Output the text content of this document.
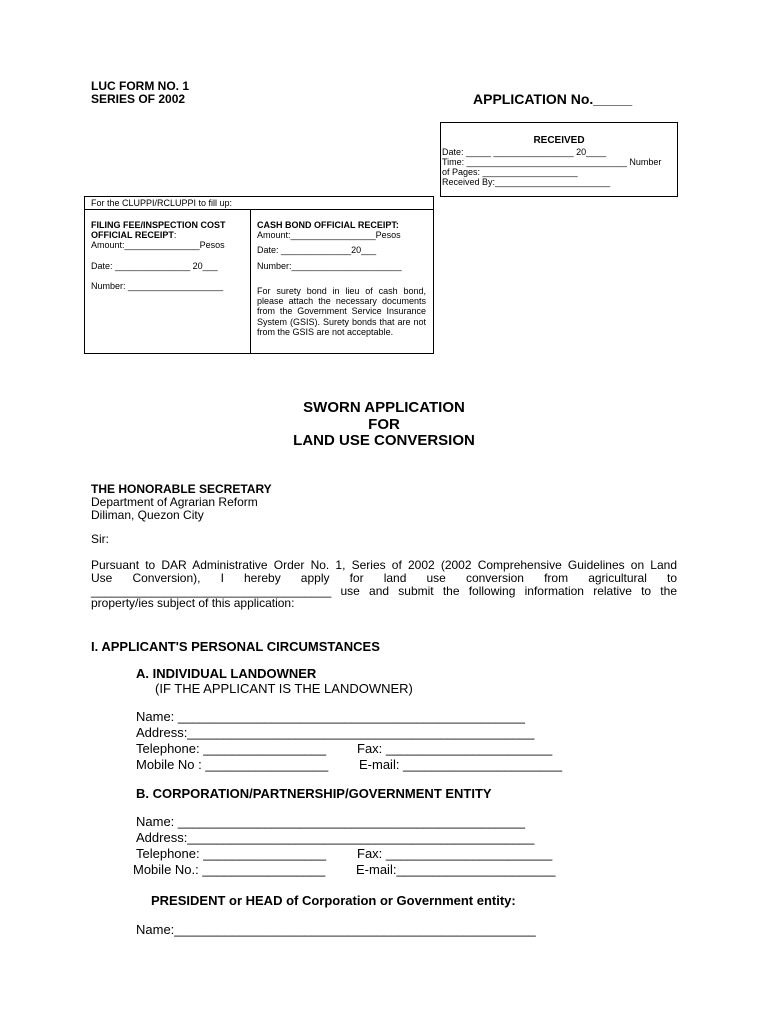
LUC FORM NO. 1
SERIES OF 2002	APPLICATION No._____
RECEIVED
Date: _____ ________________ 20____
Time: ________________________________ Number
of Pages: ___________________
Received By:_______________________
For the CLUPPI/RCLUPPI to fill up:
FILING FEE/INSPECTION COST
OFFICIAL RECEIPT:
Amount:_______________Pesos
Date: _______________ 20___
Number: ___________________
CASH BOND OFFICIAL RECEIPT:
Amount:_________________Pesos
Date: ______________20___
Number:______________________
For surety bond in lieu of cash bond, please attach the necessary documents from the Government Service Insurance System (GSIS). Surety bonds that are not from the GSIS are not acceptable.
SWORN APPLICATION
FOR
LAND USE CONVERSION
THE HONORABLE SECRETARY
Department of Agrarian Reform
Diliman, Quezon City
Sir:
Pursuant to DAR Administrative Order No. 1, Series of 2002 (2002 Comprehensive Guidelines on Land
Use Conversion), I hereby apply for land use conversion from agricultural to
____________________________________ use and submit the following information relative to the
property/ies subject of this application:
I. APPLICANT'S PERSONAL CIRCUMSTANCES
A. INDIVIDUAL LANDOWNER
(IF THE APPLICANT IS THE LANDOWNER)
Name: ________________________________________________
Address:________________________________________________
Telephone: _________________ Fax: _______________________
Mobile No : _________________ E-mail: ______________________
B. CORPORATION/PARTNERSHIP/GOVERNMENT ENTITY
Name: ________________________________________________
Address:________________________________________________
Telephone: _________________ Fax: _______________________
Mobile No.: _________________ E-mail:______________________
PRESIDENT or HEAD of Corporation or Government entity:
Name:__________________________________________________
